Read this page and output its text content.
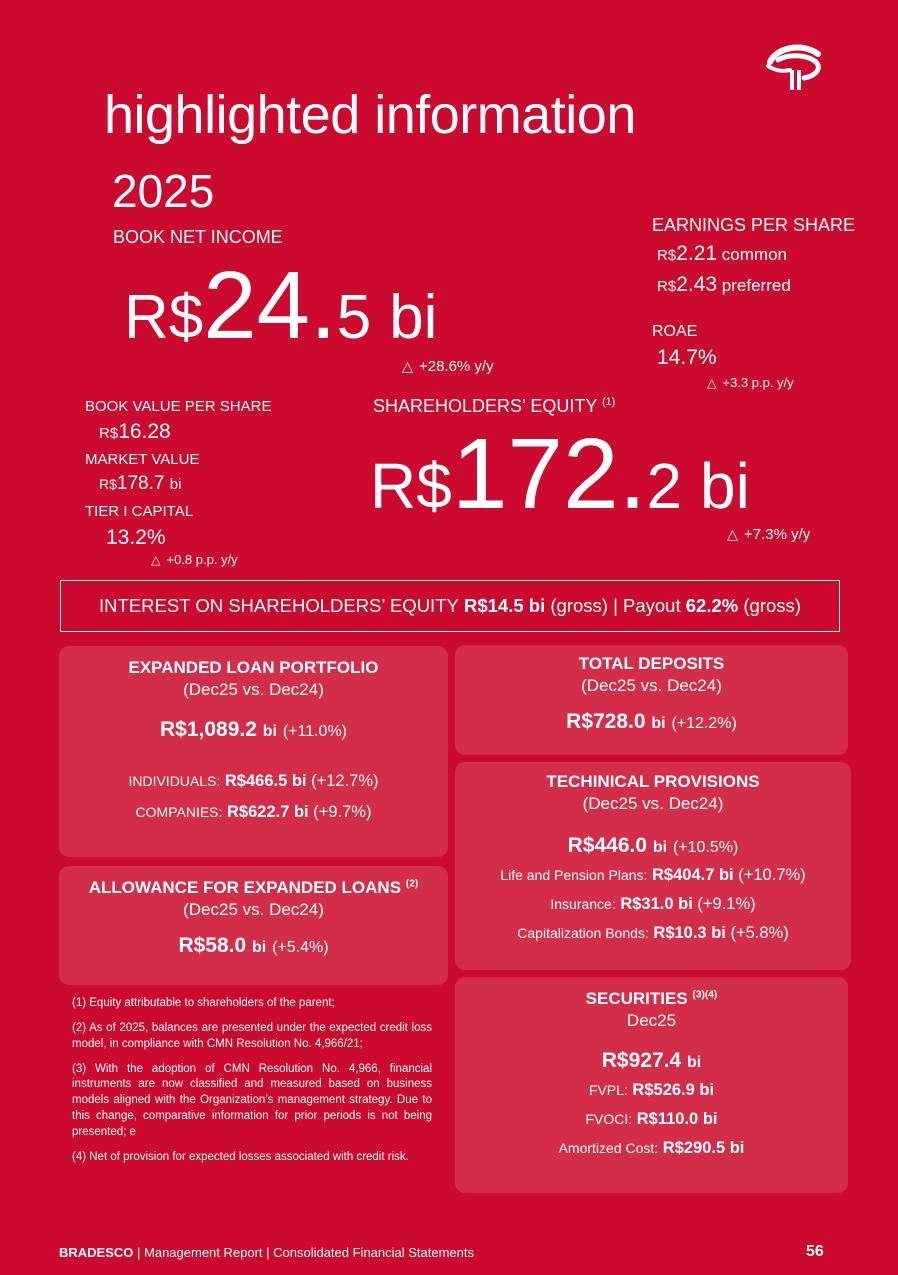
highlighted information
2025
BOOK NET INCOME
R$24.5 bi
△ +28.6% y/y
EARNINGS PER SHARE
R$2.21 common
R$2.43 preferred
ROAE
14.7%
△ +3.3 p.p. y/y
BOOK VALUE PER SHARE
R$16.28
MARKET VALUE
R$178.7 bi
TIER I CAPITAL
13.2%
△ +0.8 p.p. y/y
SHAREHOLDERS’ EQUITY $^{(1)}$
R$172.2 bi
△ +7.3% y/y
INTEREST ON SHAREHOLDERS’ EQUITY
R$14.5 bi
(gross) | Payout
62.2%
(gross)
EXPANDED LOAN PORTFOLIO
(Dec25 vs. Dec24)
R$1,089.2 bi (+11.0%)
INDIVIDUALS: R$466.5 bi (+12.7%)
COMPANIES: R$622.7 bi (+9.7%)
ALLOWANCE FOR EXPANDED LOANS $^{(2)}$
(Dec25 vs. Dec24)
R$58.0 bi (+5.4%)
TOTAL DEPOSITS
(Dec25 vs. Dec24)
R$728.0 bi (+12.2%)
TECHINICAL PROVISIONS
(Dec25 vs. Dec24)
R$446.0 bi (+10.5%)
Life and Pension Plans: R$404.7 bi (+10.7%)
Insurance: R$31.0 bi (+9.1%)
Capitalization Bonds: R$10.3 bi (+5.8%)
SECURITIES $^{(3)(4)}$
Dec25
R$927.4 bi
FVPL: R$526.9 bi
FVOCI: R$110.0 bi
Amortized Cost: R$290.5 bi

(1) Equity attributable to shareholders of the parent;

(2) As of 2025, balances are presented under the expected credit loss model, in compliance with CMN Resolution No. 4,966/21;

(3) With the adoption of CMN Resolution No. 4,966, financial instruments are now classified and measured based on business models aligned with the Organization’s management strategy. Due to this change, comparative information for prior periods is not being presented; e

(4) Net of provision for expected losses associated with credit risk.

BRADESCO | Management Report | Consolidated Financial Statements	56
